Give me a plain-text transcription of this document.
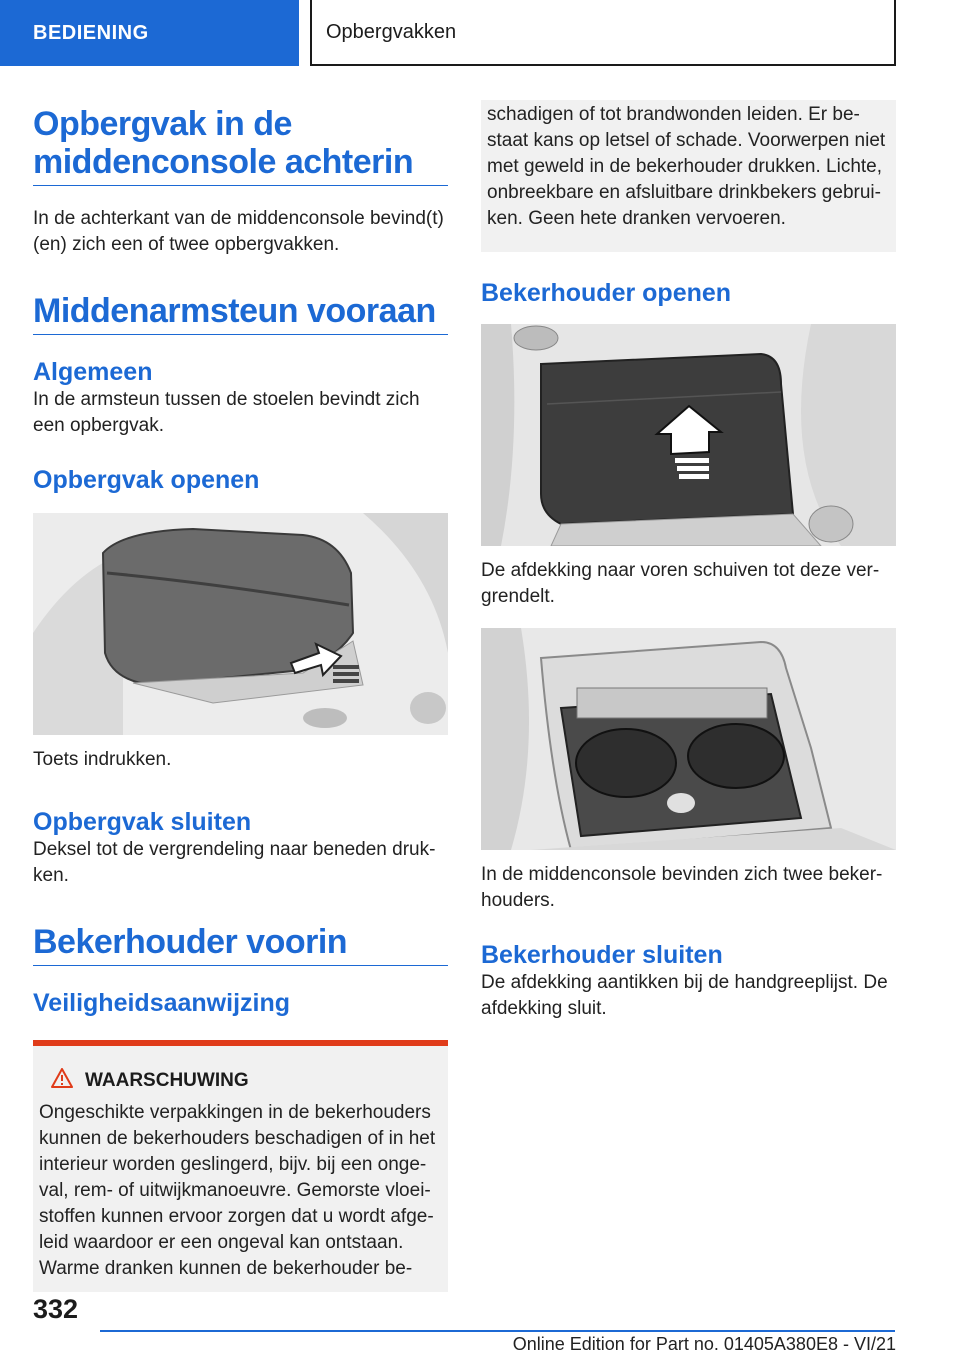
BEDIENING	Opbergvakken
Opbergvak in de middenconsole achterin

In de achterkant van de middenconsole bevind(t) (en) zich een of twee opbergvakken.

Middenarmsteun vooraan
Algemeen

In de armsteun tussen de stoelen bevindt zich een opbergvak.

Opbergvak openen

Toets indrukken.

Opbergvak sluiten

Deksel tot de vergrendeling naar beneden druk-ken.

Bekerhouder voorin
Veiligheidsaanwijzing
WAARSCHUWING

Ongeschikte verpakkingen in de bekerhouders kunnen de bekerhouders beschadigen of in het interieur worden geslingerd, bijv. bij een onge-val, rem- of uitwijkmanoeuvre. Gemorste vloei-stoffen kunnen ervoor zorgen dat u wordt afge-leid waardoor er een ongeval kan ontstaan. Warme dranken kunnen de bekerhouder be-

schadigen of tot brandwonden leiden. Er be-staat kans op letsel of schade. Voorwerpen niet met geweld in de bekerhouder drukken. Lichte, onbreekbare en afsluitbare drinkbekers gebrui-ken. Geen hete dranken vervoeren.

Bekerhouder openen

De afdekking naar voren schuiven tot deze ver-grendelt.

In de middenconsole bevinden zich twee beker-houders.

Bekerhouder sluiten

De afdekking aantikken bij de handgreeplijst. De afdekking sluit.

332
Online Edition for Part no. 01405A380E8 - VI/21
